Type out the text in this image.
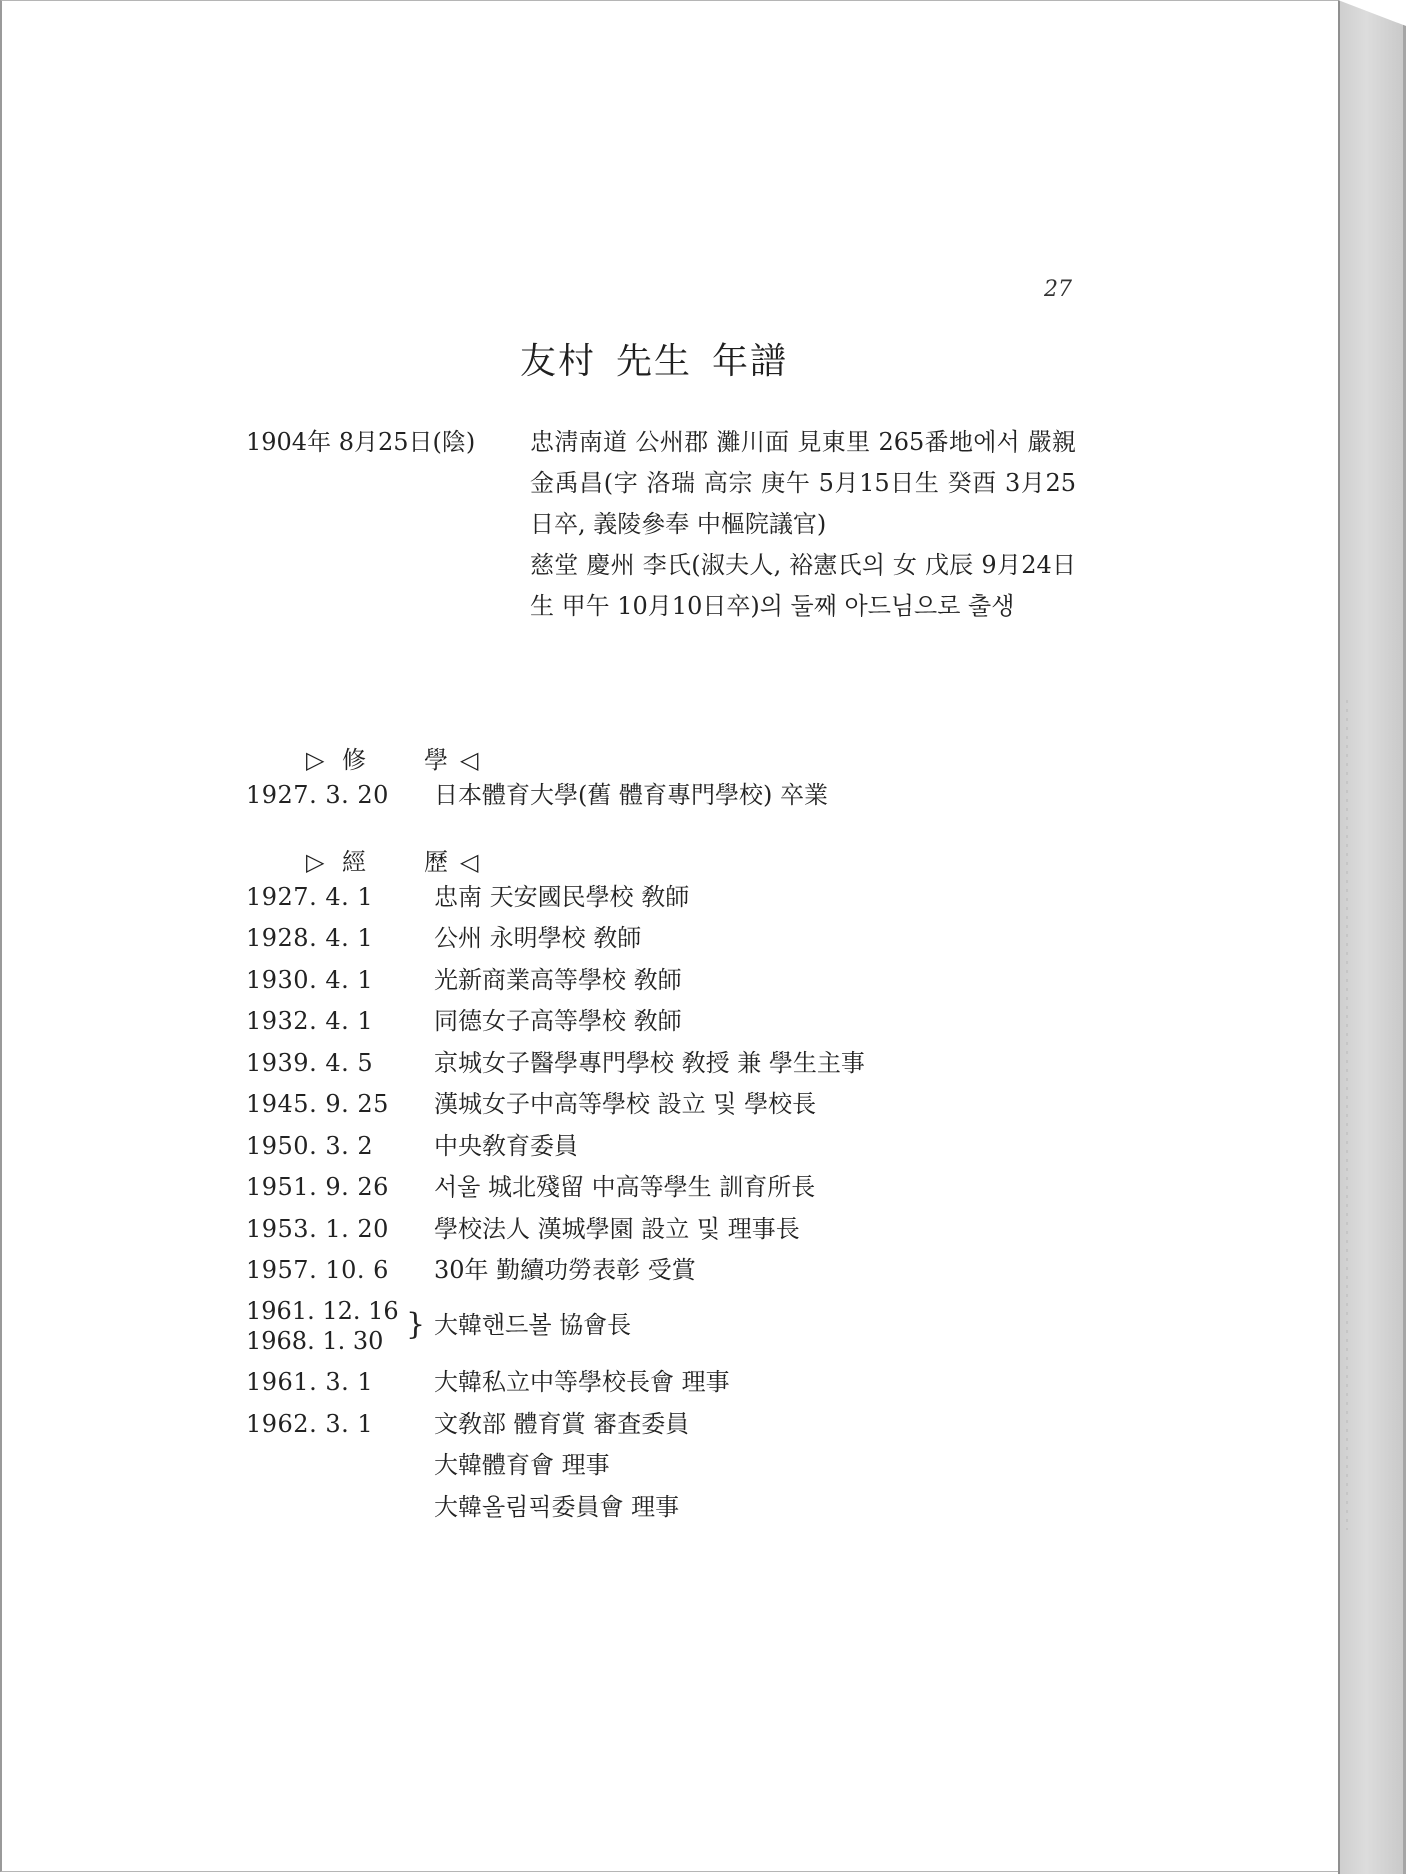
27
友村 先生 年譜
1904年 8月25日(陰) 忠淸南道 公州郡 灘川面 見東里 265番地에서 嚴親 金禹昌(字 洛瑞 高宗 庚午 5月15日生 癸酉 3月25日卒, 義陵參奉 中樞院議官)

慈堂 慶州 李氏(淑夫人, 裕憲氏의 女 戊辰 9月24日生 甲午 10月10日卒)의 둘째 아드님으로 출생

▷ 修 學 ◁
1927. 3. 20 日本體育大學(舊 體育專門學校) 卒業
▷ 經 歷 ◁
1927. 4. 1	忠南 天安國民學校 敎師
1928. 4. 1	公州 永明學校 敎師
1930. 4. 1	光新商業高等學校 敎師
1932. 4. 1	同德女子高等學校 敎師
1939. 4. 5	京城女子醫學專門學校 敎授 兼 學生主事
1945. 9. 25 漢城女子中高等學校 設立 및 學校長
1950. 3. 2	中央敎育委員
1951. 9. 26 서울 城北殘留 中高等學生 訓育所長
1953. 1. 20 學校法人 漢城學園 設立 및 理事長
1957. 10. 6 30年 勤續功勞表彰 受賞
1961. 12. 16
1968. 1. 30 } 大韓핸드볼 協會長
1961. 3. 1	大韓私立中等學校長會 理事
1962. 3. 1	文敎部 體育賞 審査委員
大韓體育會 理事
大韓올림픽委員會 理事
